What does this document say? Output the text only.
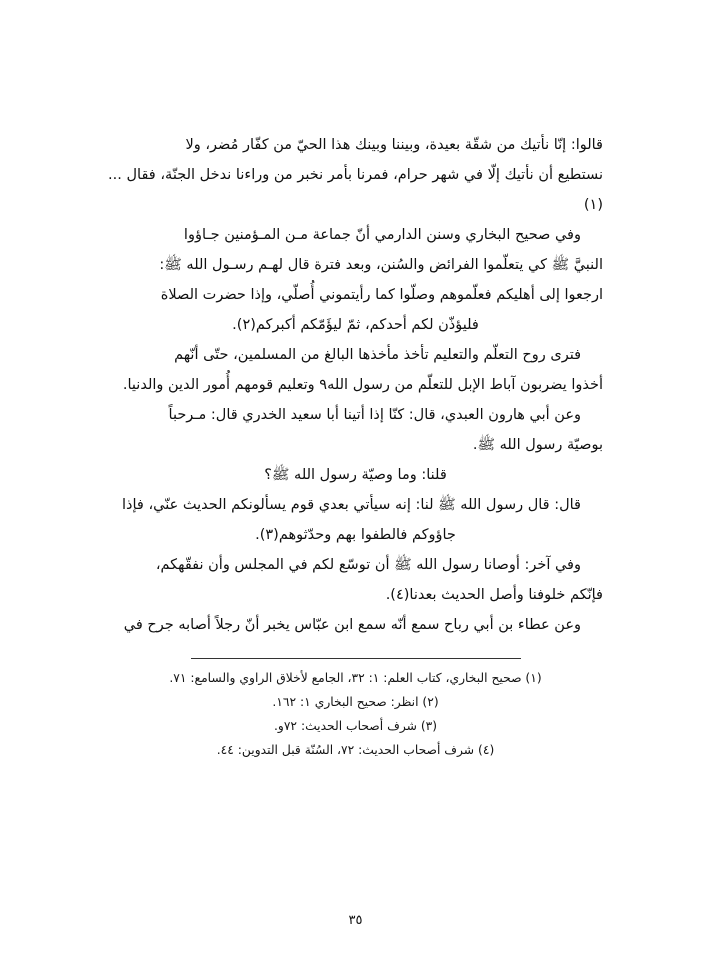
قالوا: إنّا نأتيك من شقّة بعيدة، وبيننا وبينك هذا الحيّ من كفّار مُضر، ولا

نستطيع أن نأتيك إلّا في شهر حرام، فمرنا بأمر نخبر من وراءنا ندخل الجنّة، فقال ...(١)

وفي صحيح البخاري وسنن الدارمي أنّ جماعة مـن المـؤمنين جـاؤوا

النبيَّ ﷺ كي يتعلّموا الفرائض والسُنن، وبعد فترة قال لهـم رسـول الله ﷺ:

ارجعوا إلى أهليكم فعلّموهم وصلّوا كما رأيتموني أُصلّي، وإذا حضرت الصلاة

فليؤذّن لكم أحدكم، ثمّ ليؤَمّكم أكبركم(٢).

فترى روح التعلّم والتعليم تأخذ مأخذها البالغ من المسلمين، حتّى أنّهم

أخذوا يضربون آباط الإبل للتعلّم من رسول الله٩ وتعليم قومهم أُمور الدين والدنيا.

وعن أبي هارون العبدي، قال: كنّا إذا أتينا أبا سعيد الخدري قال: مـرحباً

بوصيّة رسول الله ﷺ.

قلنا: وما وصيّة رسول الله ﷺ؟

قال: قال رسول الله ﷺ لنا: إنه سيأتي بعدي قوم يسألونكم الحديث عنّي، فإذا

جاؤوكم فالطفوا بهم وحدّثوهم(٣).

وفي آخر: أوصانا رسول الله ﷺ أن توسّع لكم في المجلس وأن نفقّهكم،

فإنّكم خلوفنا وأصل الحديث بعدنا(٤).

وعن عطاء بن أبي رباح سمع أنّه سمع ابن عبّاس يخبر أنّ رجلاً أصابه جرح في

(١) صحيح البخاري، كتاب العلم: ١: ٣٢، الجامع لأخلاق الراوي والسامع: ٧١.

(٢) انظر: صحيح البخاري ١: ١٦٢.

(٣) شرف أصحاب الحديث: ٧٢و.

(٤) شرف أصحاب الحديث: ٧٢، السُنّة قبل التدوين: ٤٤.

٣٥
